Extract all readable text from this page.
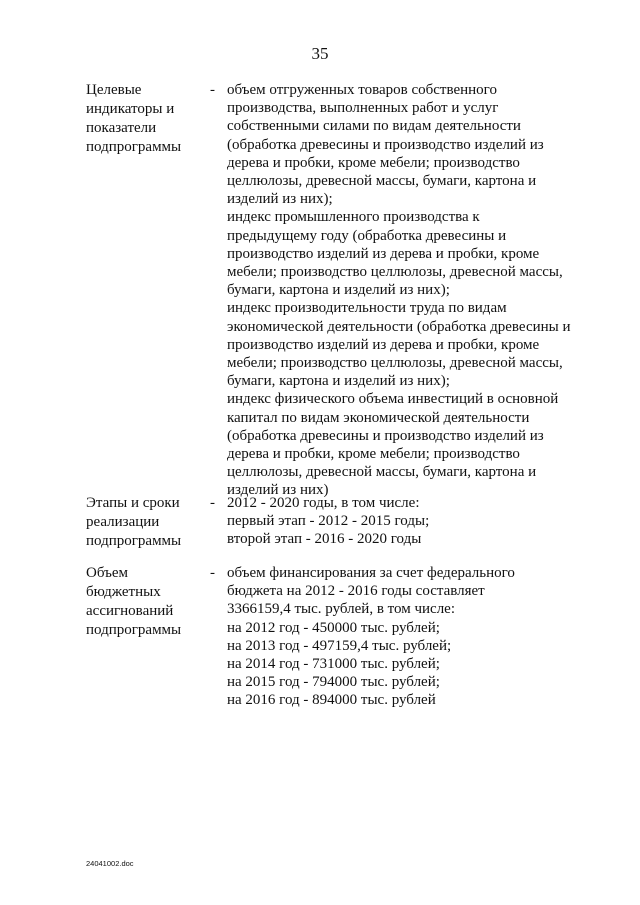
35
Целевые
индикаторы и
показатели
подпрограммы
- объем отгруженных товаров собственного
производства, выполненных работ и услуг
собственными силами по видам деятельности
(обработка древесины и производство изделий из
дерева и пробки, кроме мебели; производство
целлюлозы, древесной массы, бумаги, картона и
изделий из них);
индекс промышленного производства к
предыдущему году (обработка древесины и
производство изделий из дерева и пробки, кроме
мебели; производство целлюлозы, древесной массы,
бумаги, картона и изделий из них);
индекс производительности труда по видам
экономической деятельности (обработка древесины и
производство изделий из дерева и пробки, кроме
мебели; производство целлюлозы, древесной массы,
бумаги, картона и изделий из них);
индекс физического объема инвестиций в основной
капитал по видам экономической деятельности
(обработка древесины и производство изделий из
дерева и пробки, кроме мебели; производство
целлюлозы, древесной массы, бумаги, картона и
изделий из них)
Этапы и сроки
реализации
подпрограммы
- 2012 - 2020 годы, в том числе:
первый этап - 2012 - 2015 годы;
второй этап - 2016 - 2020 годы
Объем
бюджетных
ассигнований
подпрограммы
- объем финансирования за счет федерального
бюджета на 2012 - 2016 годы составляет
3366159,4 тыс. рублей, в том числе:
на 2012 год - 450000 тыс. рублей;
на 2013 год - 497159,4 тыс. рублей;
на 2014 год - 731000 тыс. рублей;
на 2015 год - 794000 тыс. рублей;
на 2016 год - 894000 тыс. рублей
24041002.doc
